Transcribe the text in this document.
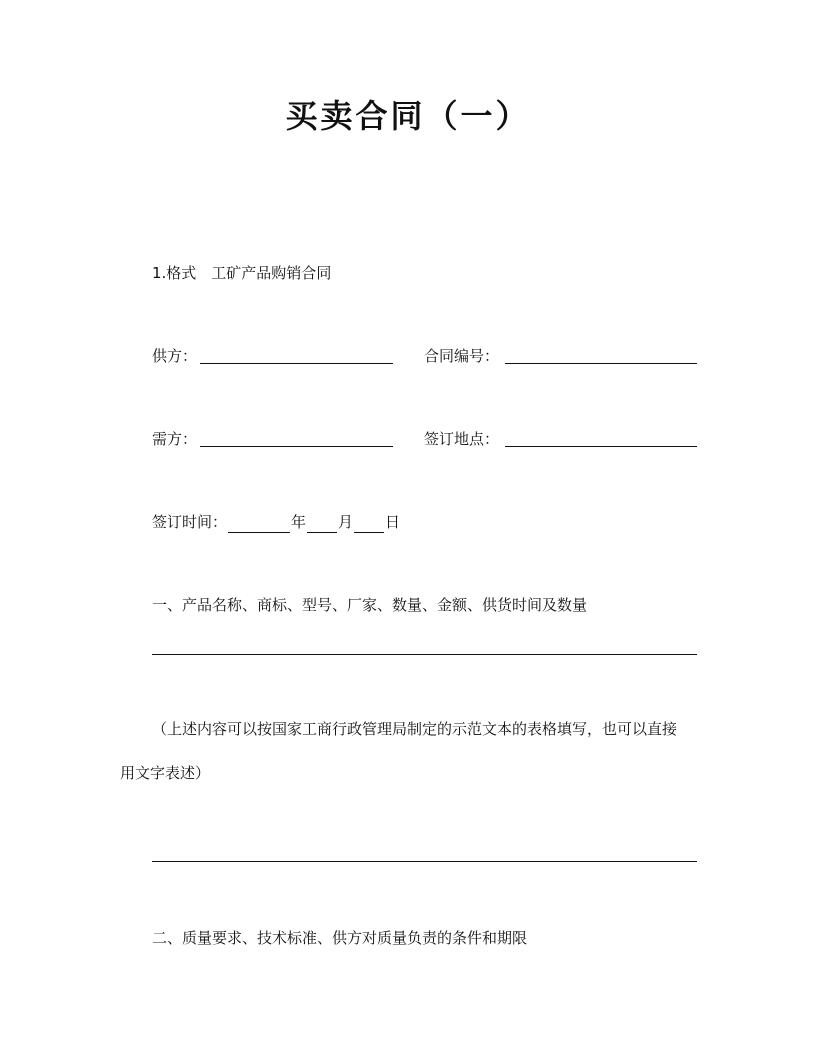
买卖合同（一）
1.格式　工矿产品购销合同
供方：	合同编号：
需方：	签订地点：
签订时间：	年 月 日
一、产品名称、商标、型号、厂家、数量、金额、供货时间及数量
（上述内容可以按国家工商行政管理局制定的示范文本的表格填写，也可以直接
用文字表述）
二、质量要求、技术标准、供方对质量负责的条件和期限
